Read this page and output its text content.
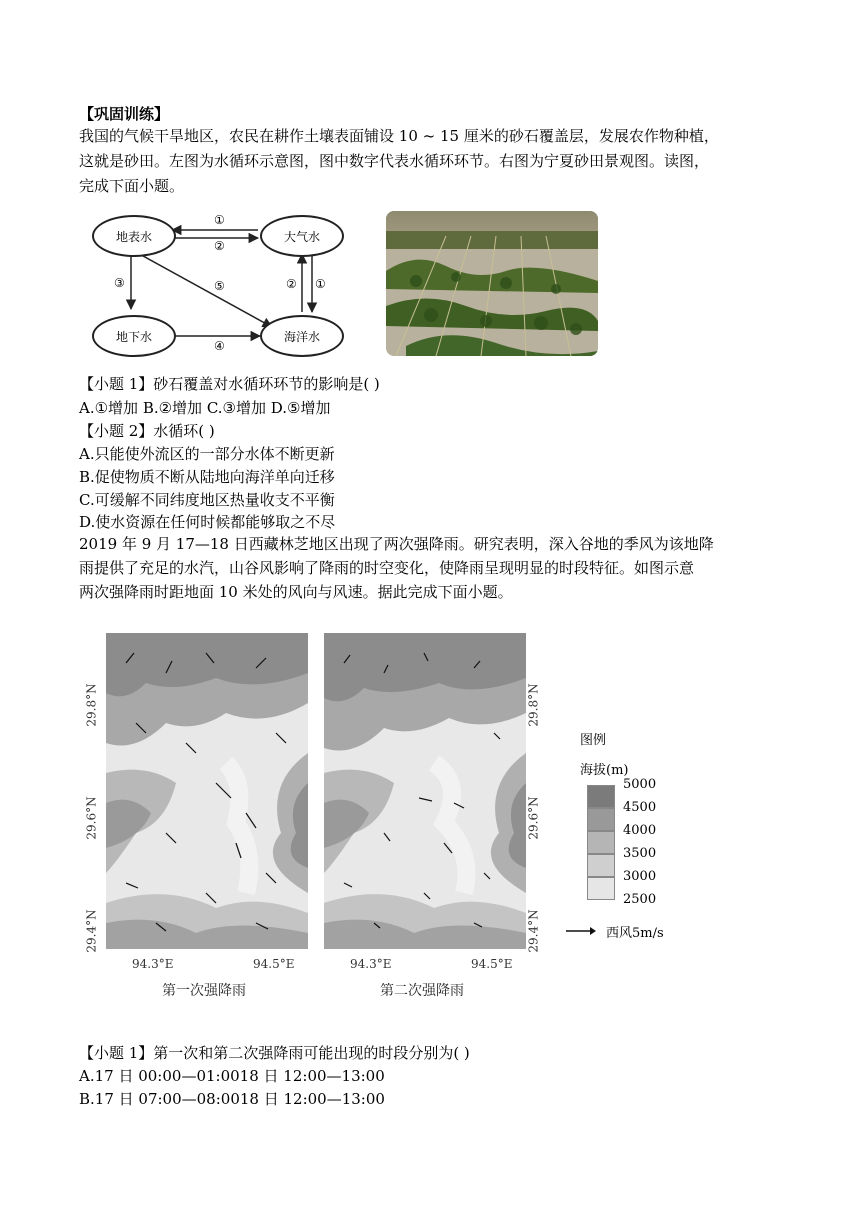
【巩固训练】
我国的气候干旱地区，农民在耕作土壤表面铺设 10 ~ 15 厘米的砂石覆盖层，发展农作物种植，
这就是砂田。左图为水循环示意图，图中数字代表水循环环节。右图为宁夏砂田景观图。读图，
完成下面小题。
地表水	大气水
地下水	海洋水
①
②
③	⑤	② ①
④
【小题 1】砂石覆盖对水循环环节的影响是( )
A.①增加 B.②增加 C.③增加 D.⑤增加
【小题 2】水循环( )
A.只能使外流区的一部分水体不断更新
B.促使物质不断从陆地向海洋单向迁移
C.可缓解不同纬度地区热量收支不平衡
D.使水资源在任何时候都能够取之不尽
2019 年 9 月 17—18 日西藏林芝地区出现了两次强降雨。研究表明，深入谷地的季风为该地降
雨提供了充足的水汽，山谷风影响了降雨的时空变化，使降雨呈现明显的时段特征。如图示意
两次强降雨时距地面 10 米处的风向与风速。据此完成下面小题。
29.8°N
29.6°N
29.4°N
29.8°N
29.6°N
29.4°N
94.3°E	94.5°E	94.3°E	94.5°E
第一次强降雨	第二次强降雨
图例
海拔(m)
5000
4500
4000
3500
3000
2500
西风5m/s
【小题 1】第一次和第二次强降雨可能出现的时段分别为( )
A.17 日 00:00—01:0018 日 12:00—13:00
B.17 日 07:00—08:0018 日 12:00—13:00
